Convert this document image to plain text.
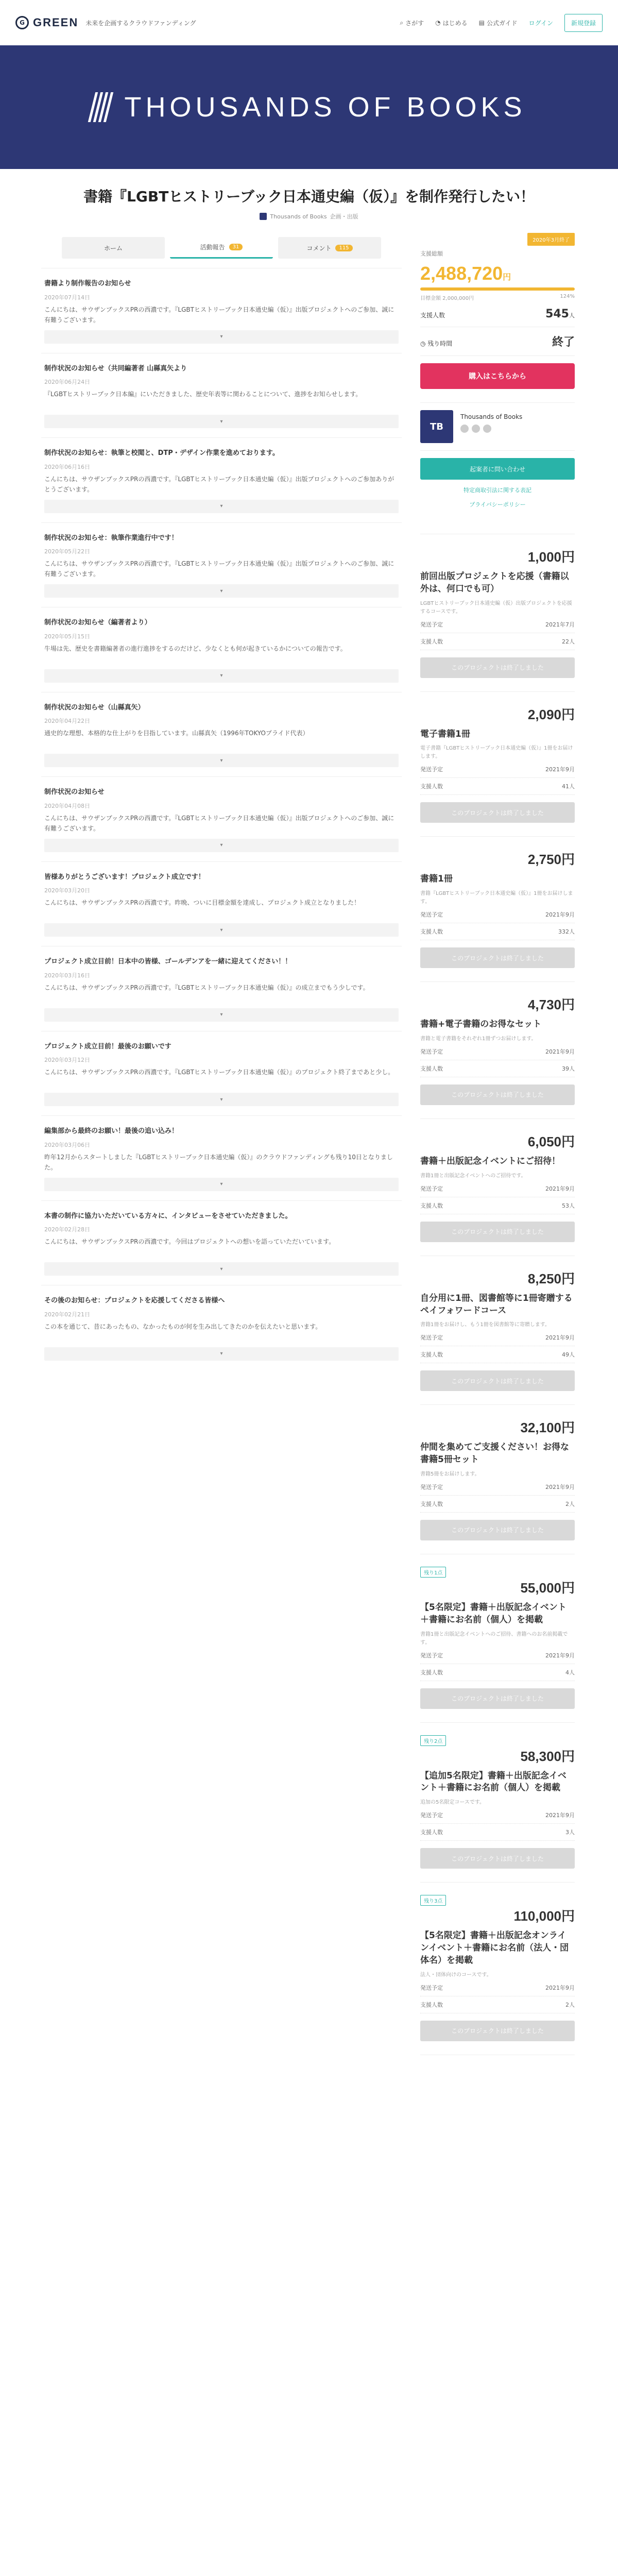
G GREEN 未来を企画するクラウドファンディング	⌕ さがす ◔ はじめる ▤ 公式ガイド ログイン	新規登録
THOUSANDS OF BOOKS
書籍『LGBTヒストリーブック日本通史編（仮）』を制作発行したい！
Thousands of Books 企画・出版
ホーム	活動報告	31	コメント	115
書籍より制作報告のお知らせ
2020年07月14日
こんにちは、サウザンブックスPRの西濃です。『LGBTヒストリーブック日本通史編（仮）』出版プロジェクトへのご参加、誠に有難うございます。
▾
制作状況のお知らせ（共同編著者 山縣真矢より
2020年06月24日
『LGBTヒストリーブック日本編』にいただきました、歴史年表等に関わることについて、進捗をお知らせします。
▾
制作状況のお知らせ：執筆と校閲と、DTP・デザイン作業を進めております。
2020年06月16日
こんにちは、サウザンブックスPRの西濃です。『LGBTヒストリーブック日本通史編（仮）』出版プロジェクトへのご参加ありがとうございます。
▾
制作状況のお知らせ：執筆作業進行中です！
2020年05月22日
こんにちは、サウザンブックスPRの西濃です。『LGBTヒストリーブック日本通史編（仮）』出版プロジェクトへのご参加、誠に有難うございます。
▾
制作状況のお知らせ（編著者より）
2020年05月15日
牛場は先、歴史を書籍編著者の進行進捗をするのだけど、少なくとも何が起きているかについての報告です。
▾
制作状況のお知らせ（山縣真矢）
2020年04月22日
通史的な理想、本格的な仕上がりを目指しています。山縣真矢（1996年TOKYOプライド代表）
▾
制作状況のお知らせ
2020年04月08日
こんにちは、サウザンブックスPRの西濃です。『LGBTヒストリーブック日本通史編（仮）』出版プロジェクトへのご参加、誠に有難うございます。
▾
皆様ありがとうございます！プロジェクト成立です！
2020年03月20日
こんにちは、サウザンブックスPRの西濃です。昨晩、ついに目標金額を達成し、プロジェクト成立となりました！
▾
プロジェクト成立目前！日本中の皆様、ゴールデンアを一緒に迎えてください！！
2020年03月16日
こんにちは、サウザンブックスPRの西濃です。『LGBTヒストリーブック日本通史編（仮）』の成立までもう少しです。
▾
プロジェクト成立目前！最後のお願いです
2020年03月12日
こんにちは、サウザンブックスPRの西濃です。『LGBTヒストリーブック日本通史編（仮）』のプロジェクト終了まであと少し。
▾
編集部から最終のお願い！最後の追い込み！
2020年03月06日
昨年12月からスタートしました『LGBTヒストリーブック日本通史編（仮）』のクラウドファンディングも残り10日となりました。
▾
本書の制作に協力いただいている方々に、インタビューをさせていただきました。
2020年02月28日
こんにちは、サウザンブックスPRの西濃です。今回はプロジェクトへの想いを語っていただいています。
▾
その後のお知らせ：プロジェクトを応援してくださる皆様へ
2020年02月21日
この本を通じて、昔にあったもの、なかったものが何を生み出してきたのかを伝えたいと思います。
▾
2020年3月終了
支援総額
2,488,720円
目標金額 2,000,000円	124%
支援人数	545人
◷ 残り時間	終了
購入はこちらから
TB
Thousands of Books
起案者に問い合わせ
特定商取引法に関する表記
プライバシーポリシー
1,000円
前回出版プロジェクトを応援（書籍以外は、何口でも可）
LGBTヒストリーブック日本通史編（仮）出版プロジェクトを応援するコースです。
発送予定	2021年7月
支援人数	22人
このプロジェクトは終了しました
2,090円
電子書籍1冊
電子書籍『LGBTヒストリーブック日本通史編（仮）』1冊をお届けします。
発送予定	2021年9月
支援人数	41人
このプロジェクトは終了しました
2,750円
書籍1冊
書籍『LGBTヒストリーブック日本通史編（仮）』1冊をお届けします。
発送予定	2021年9月
支援人数	332人
このプロジェクトは終了しました
4,730円
書籍+電子書籍のお得なセット
書籍と電子書籍をそれぞれ1冊ずつお届けします。
発送予定	2021年9月
支援人数	39人
このプロジェクトは終了しました
6,050円
書籍＋出版記念イベントにご招待！
書籍1冊と出版記念イベントへのご招待です。
発送予定	2021年9月
支援人数	53人
このプロジェクトは終了しました
8,250円
自分用に1冊、図書館等に1冊寄贈するペイフォワードコース
書籍1冊をお届けし、もう1冊を図書館等に寄贈します。
発送予定	2021年9月
支援人数	49人
このプロジェクトは終了しました
32,100円
仲間を集めてご支援ください！お得な書籍5冊セット
書籍5冊をお届けします。
発送予定	2021年9月
支援人数	2人
このプロジェクトは終了しました
残り1点
55,000円
【5名限定】書籍＋出版記念イベント＋書籍にお名前（個人）を掲載
書籍1冊と出版記念イベントへのご招待、書籍へのお名前掲載です。
発送予定	2021年9月
支援人数	4人
このプロジェクトは終了しました
残り2点
58,300円
【追加5名限定】書籍＋出版記念イベント＋書籍にお名前（個人）を掲載
追加の5名限定コースです。
発送予定	2021年9月
支援人数	3人
このプロジェクトは終了しました
残り3点
110,000円
【5名限定】書籍＋出版記念オンラインイベント＋書籍にお名前（法人・団体名）を掲載
法人・団体向けのコースです。
発送予定	2021年9月
支援人数	2人
このプロジェクトは終了しました
